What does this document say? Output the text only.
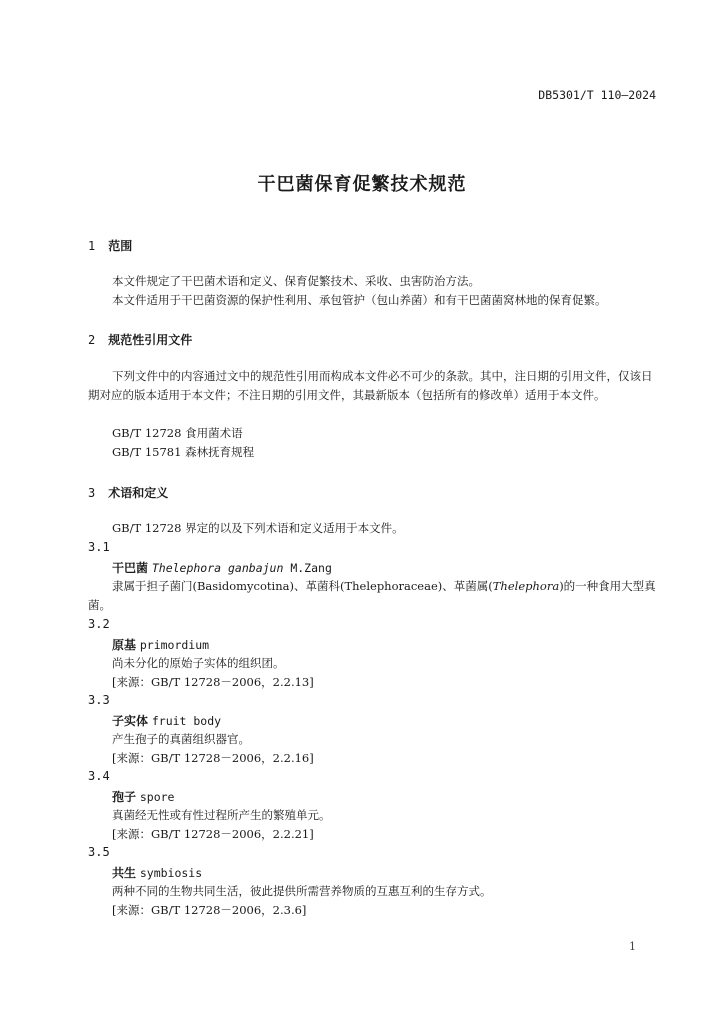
DB5301/T 110—2024
干巴菌保育促繁技术规范
1 范围
本文件规定了干巴菌术语和定义、保育促繁技术、采收、虫害防治方法。
本文件适用于干巴菌资源的保护性利用、承包管护（包山养菌）和有干巴菌菌窝林地的保育促繁。
2 规范性引用文件
下列文件中的内容通过文中的规范性引用而构成本文件必不可少的条款。其中，注日期的引用文件，仅该日期对应的版本适用于本文件；不注日期的引用文件，其最新版本（包括所有的修改单）适用于本文件。
GB/T 12728 食用菌术语
GB/T 15781 森林抚育规程
3 术语和定义
GB/T 12728 界定的以及下列术语和定义适用于本文件。
3.1
干巴菌 Thelephora ganbajun M.Zang
隶属于担子菌门(Basidomycotina)、革菌科(Thelephoraceae)、革菌属(Thelephora)的一种食用大型真菌。
3.2
原基 primordium
尚未分化的原始子实体的组织团。
[来源：GB/T 12728－2006，2.2.13]
3.3
子实体 fruit body
产生孢子的真菌组织器官。
[来源：GB/T 12728－2006，2.2.16]
3.4
孢子 spore
真菌经无性或有性过程所产生的繁殖单元。
[来源：GB/T 12728－2006，2.2.21]
3.5
共生 symbiosis
两种不同的生物共同生活，彼此提供所需营养物质的互惠互利的生存方式。
[来源：GB/T 12728－2006，2.3.6]
1
